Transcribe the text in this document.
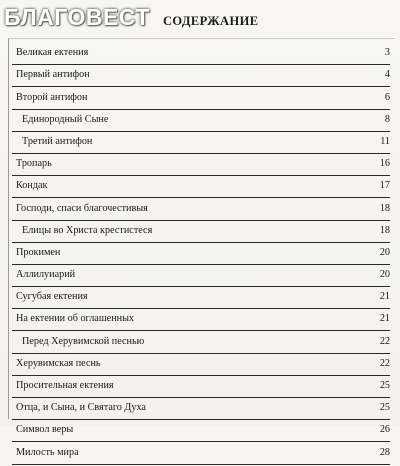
БЛАГОВЕСТ СОДЕРЖАНИЕ
Великая ектения	3
Первый антифон	4
Второй антифон	6
Единородный Сыне	8
Третий антифон	11
Тропарь	16
Кондак	17
Господи, спаси благочестивыя	18
Елицы во Христа крестистеся	18
Прокимен	20
Аллилуиарий	20
Сугубая ектения	21
На ектении об оглашенных	21
Перед Херувимской песнью	22
Херувимская песнь	22
Просительная ектения	25
Отца, и Сына, и Святаго Духа	25
Символ веры	26
Милость мира	28
